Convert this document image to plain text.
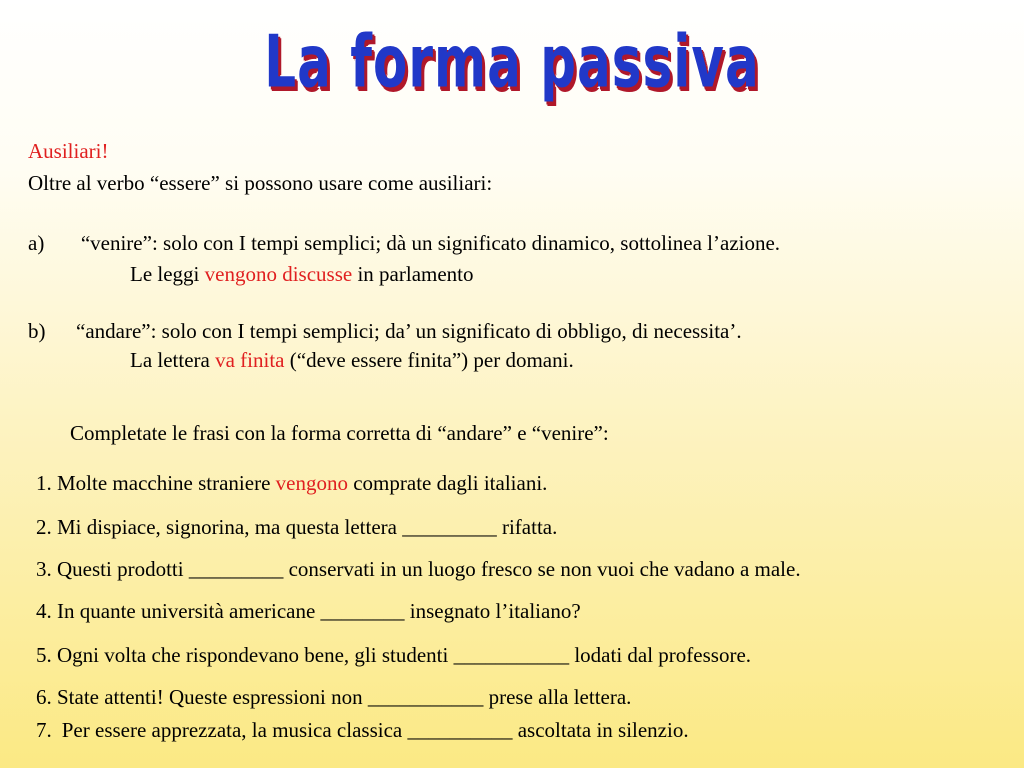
La forma passiva
Ausiliari!
Oltre al verbo “essere” si possono usare come ausiliari:
a) “venire”: solo con I tempi semplici; dà un significato dinamico, sottolinea l’azione.
Le leggi vengono discusse in parlamento
b) “andare”: solo con I tempi semplici; da’ un significato di obbligo, di necessita’.
La lettera va finita (“deve essere finita”) per domani.
Completate le frasi con la forma corretta di “andare” e “venire”:
1. Molte macchine straniere vengono comprate dagli italiani.
2. Mi dispiace, signorina, ma questa lettera _________ rifatta.
3. Questi prodotti _________ conservati in un luogo fresco se non vuoi che vadano a male.
4. In quante università americane ________ insegnato l’italiano?
5. Ogni volta che rispondevano bene, gli studenti ___________ lodati dal professore.
6. State attenti! Queste espressioni non ___________ prese alla lettera.
7. Per essere apprezzata, la musica classica __________ ascoltata in silenzio.
